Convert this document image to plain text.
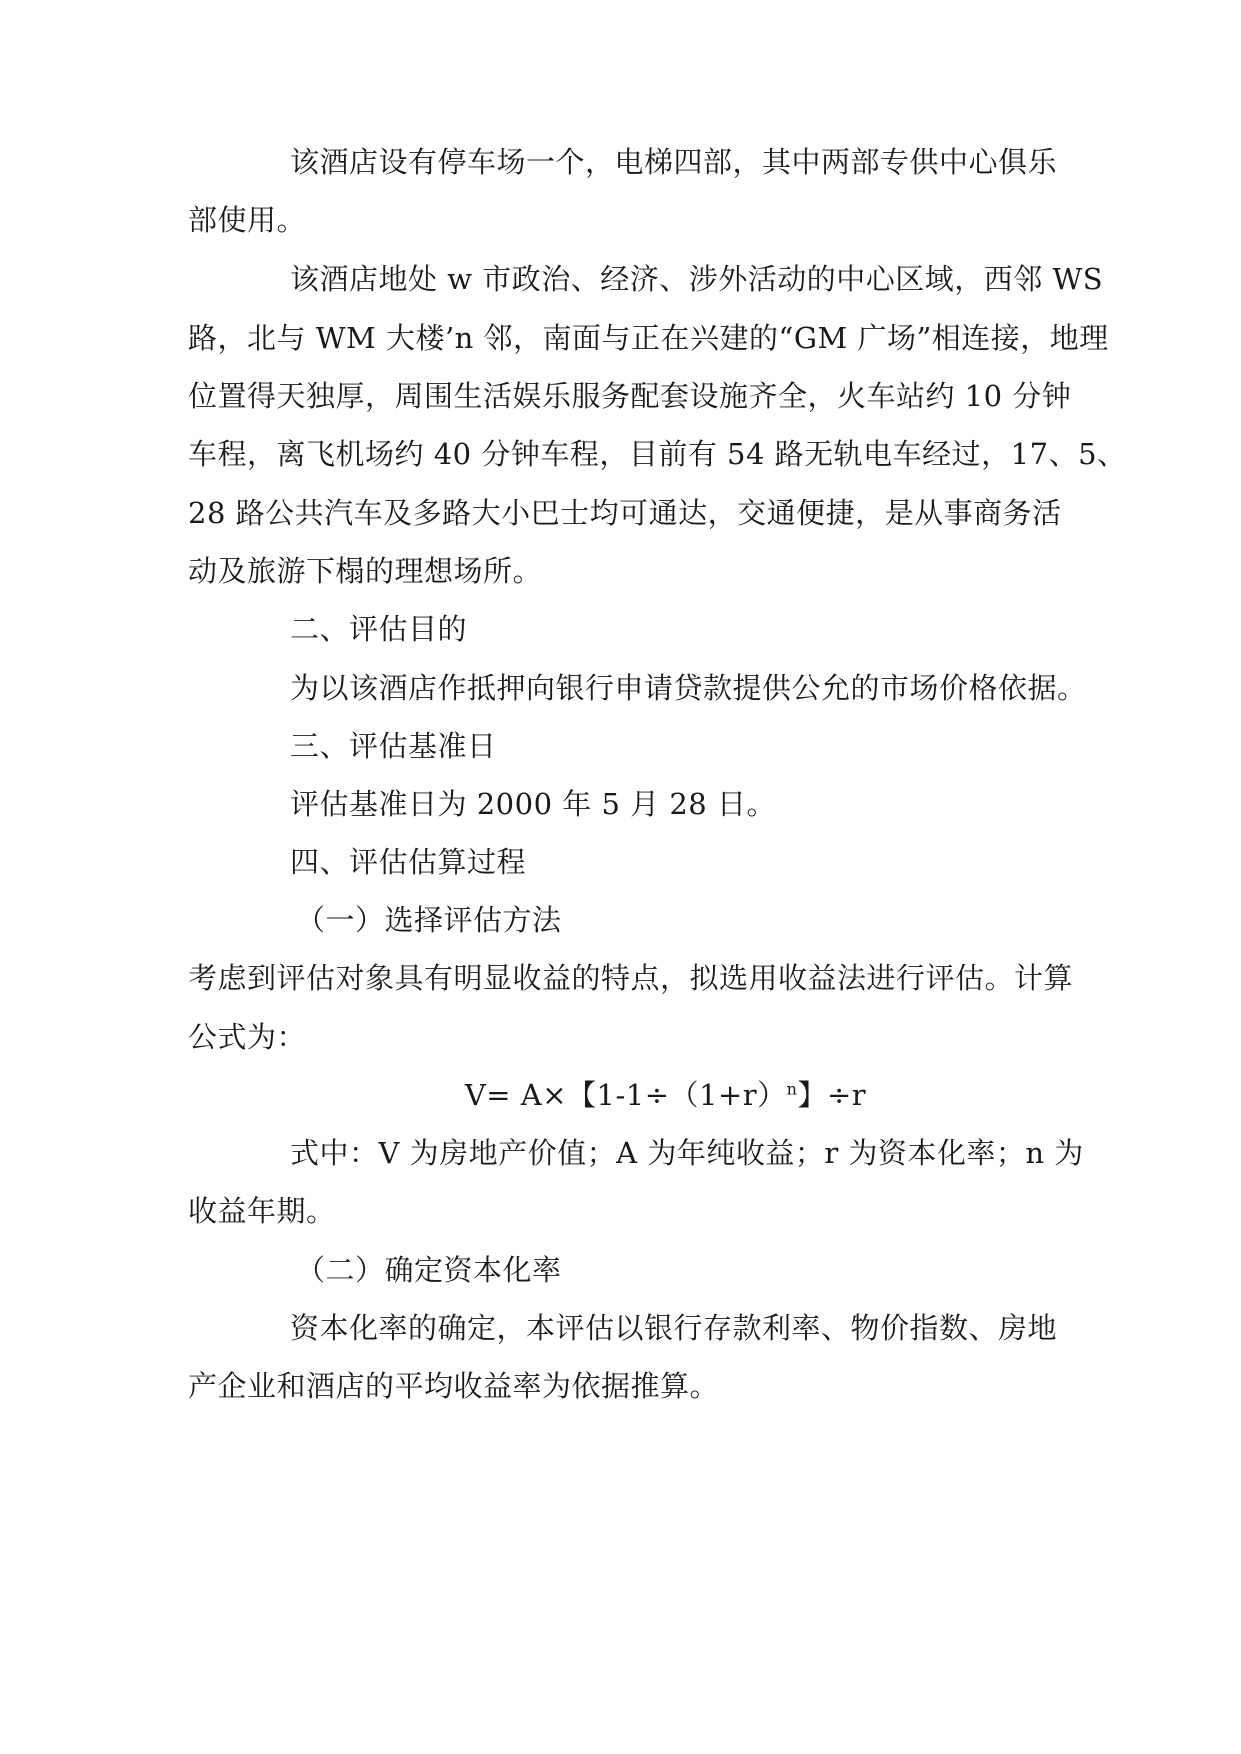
该酒店设有停车场一个，电梯四部，其中两部专供中心俱乐
部使用。
该酒店地处 w 市政治、经济、涉外活动的中心区域，西邻 WS
路，北与 WM 大楼’n 邻，南面与正在兴建的“GM 广场”相连接，地理
位置得天独厚，周围生活娱乐服务配套设施齐全，火车站约 10 分钟
车程，离飞机场约 40 分钟车程，目前有 54 路无轨电车经过，17、5、
28 路公共汽车及多路大小巴士均可通达，交通便捷，是从事商务活
动及旅游下榻的理想场所。
二、评估目的
为以该酒店作抵押向银行申请贷款提供公允的市场价格依据。
三、评估基准日
评估基准日为 2000 年 5 月 28 日。
四、评估估算过程
（一）选择评估方法
考虑到评估对象具有明显收益的特点，拟选用收益法进行评估。计算
公式为：
V= A×【$1-1\div(1+r)^n$】÷r
式中：V 为房地产价值；A 为年纯收益；r 为资本化率；n 为
收益年期。
（二）确定资本化率
资本化率的确定，本评估以银行存款利率、物价指数、房地
产企业和酒店的平均收益率为依据推算。
